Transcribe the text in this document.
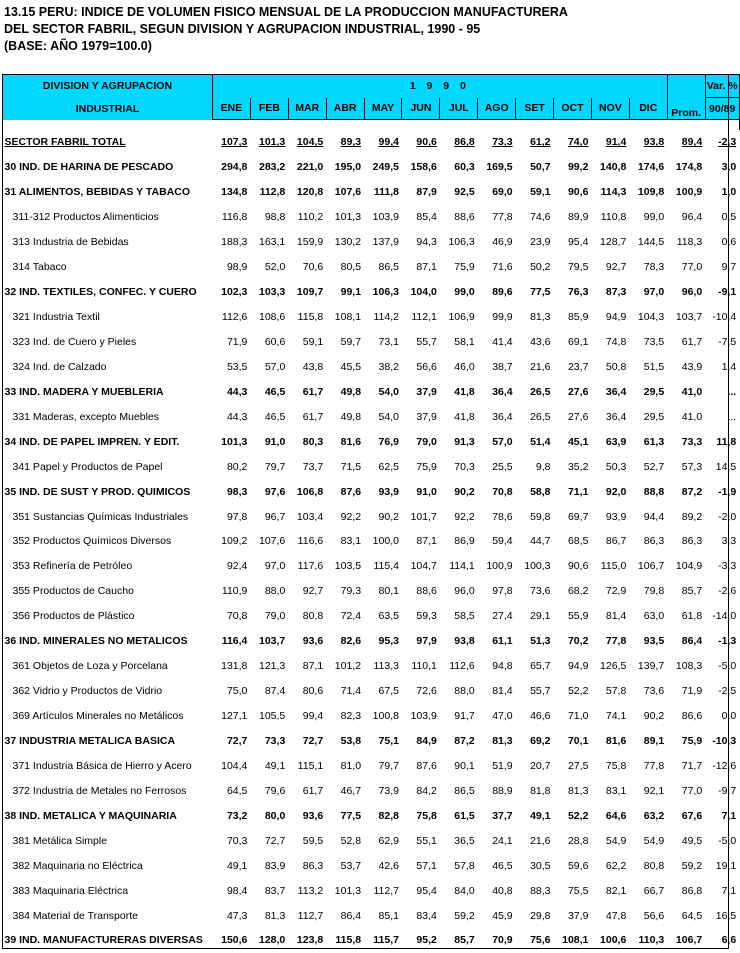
13.15 PERU: INDICE DE VOLUMEN FISICO MENSUAL DE LA PRODUCCION MANUFACTURERA
DEL SECTOR FABRIL, SEGUN DIVISION Y AGRUPACION INDUSTRIAL, 1990 - 95
(BASE: AÑO 1979=100.0)
DIVISION Y AGRUPACION	1 9 9 0												Prom.	Var. %
INDUSTRIAL	ENE	FEB	MAR	ABR	MAY	JUN	JUL	AGO	SET	OCT	NOV	DIC		90/89

SECTOR FABRIL TOTAL	107,3	101,3	104,5	89,3	99,4	90,6	86,8	73,3	61,2	74,0	91,4	93,8	89,4	-2,3
30 IND. DE HARINA DE PESCADO	294,8	283,2	221,0	195,0	249,5	158,6	60,3	169,5	50,7	99,2	140,8	174,6	174,8	3,0
31 ALIMENTOS, BEBIDAS Y TABACO	134,8	112,8	120,8	107,6	111,8	87,9	92,5	69,0	59,1	90,6	114,3	109,8	100,9	1,0
311-312 Productos Alimenticios	116,8	98,8	110,2	101,3	103,9	85,4	88,6	77,8	74,6	89,9	110,8	99,0	96,4	0,5
313 Industria de Bebidas	188,3	163,1	159,9	130,2	137,9	94,3	106,3	46,9	23,9	95,4	128,7	144,5	118,3	0,6
314 Tabaco	98,9	52,0	70,6	80,5	86,5	87,1	75,9	71,6	50,2	79,5	92,7	78,3	77,0	9,7
32 IND. TEXTILES, CONFEC. Y CUERO	102,3	103,3	109,7	99,1	106,3	104,0	99,0	89,6	77,5	76,3	87,3	97,0	96,0	-9,1
321 Industria Textil	112,6	108,6	115,8	108,1	114,2	112,1	106,9	99,9	81,3	85,9	94,9	104,3	103,7	-10,4
323 Ind. de Cuero y Pieles	71,9	60,6	59,1	59,7	73,1	55,7	58,1	41,4	43,6	69,1	74,8	73,5	61,7	-7,5
324 Ind. de Calzado	53,5	57,0	43,8	45,5	38,2	56,6	46,0	38,7	21,6	23,7	50,8	51,5	43,9	1,4
33 IND. MADERA Y MUEBLERIA	44,3	46,5	61,7	49,8	54,0	37,9	41,8	36,4	26,5	27,6	36,4	29,5	41,0	...
331 Maderas, excepto Muebles	44,3	46,5	61,7	49,8	54,0	37,9	41,8	36,4	26,5	27,6	36,4	29,5	41,0	...
34 IND. DE PAPEL IMPREN. Y EDIT.	101,3	91,0	80,3	81,6	76,9	79,0	91,3	57,0	51,4	45,1	63,9	61,3	73,3	11,8
341 Papel y Productos de Papel	80,2	79,7	73,7	71,5	62,5	75,9	70,3	25,5	9,8	35,2	50,3	52,7	57,3	14,5
35 IND. DE SUST Y PROD. QUIMICOS	98,3	97,6	106,8	87,6	93,9	91,0	90,2	70,8	58,8	71,1	92,0	88,8	87,2	-1,9
351 Sustancias Químicas Industriales	97,8	96,7	103,4	92,2	90,2	101,7	92,2	78,6	59,8	69,7	93,9	94,4	89,2	-2,0
352 Productos Químicos Diversos	109,2	107,6	116,6	83,1	100,0	87,1	86,9	59,4	44,7	68,5	86,7	86,3	86,3	3,3
353 Refinería de Petróleo	92,4	97,0	117,6	103,5	115,4	104,7	114,1	100,9	100,3	90,6	115,0	106,7	104,9	-3,3
355 Productos de Caucho	110,9	88,0	92,7	79,3	80,1	88,6	96,0	97,8	73,6	68,2	72,9	79,8	85,7	-2,6
356 Productos de Plástico	70,8	79,0	80,8	72,4	63,5	59,3	58,5	27,4	29,1	55,9	81,4	63,0	61,8	-14,0
36 IND. MINERALES NO METALICOS	116,4	103,7	93,6	82,6	95,3	97,9	93,8	61,1	51,3	70,2	77,8	93,5	86,4	-1,3
361 Objetos de Loza y Porcelana	131,8	121,3	87,1	101,2	113,3	110,1	112,6	94,8	65,7	94,9	126,5	139,7	108,3	-5,0
362 Vidrio y Productos de Vidrio	75,0	87,4	80,6	71,4	67,5	72,6	88,0	81,4	55,7	52,2	57,8	73,6	71,9	-2,5
369 Artículos Minerales no Metálicos	127,1	105,5	99,4	82,3	100,8	103,9	91,7	47,0	46,6	71,0	74,1	90,2	86,6	0,0
37 INDUSTRIA METALICA BASICA	72,7	73,3	72,7	53,8	75,1	84,9	87,2	81,3	69,2	70,1	81,6	89,1	75,9	-10,3
371 Industria Básica de Hierro y Acero	104,4	49,1	115,1	81,0	79,7	87,6	90,1	51,9	20,7	27,5	75,8	77,8	71,7	-12,6
372 Industria de Metales no Ferrosos	64,5	79,6	61,7	46,7	73,9	84,2	86,5	88,9	81,8	81,3	83,1	92,1	77,0	-9,7
38 IND. METALICA Y MAQUINARIA	73,2	80,0	93,6	77,5	82,8	75,8	61,5	37,7	49,1	52,2	64,6	63,2	67,6	7,1
381 Metálica Simple	70,3	72,7	59,5	52,8	62,9	55,1	36,5	24,1	21,6	28,8	54,9	54,9	49,5	-5,0
382 Maquinaria no Eléctrica	49,1	83,9	86,3	53,7	42,6	57,1	57,8	46,5	30,5	59,6	62,2	80,8	59,2	19,1
383 Maquinaria Eléctrica	98,4	83,7	113,2	101,3	112,7	95,4	84,0	40,8	88,3	75,5	82,1	66,7	86,8	7,1
384 Material de Transporte	47,3	81,3	112,7	86,4	85,1	83,4	59,2	45,9	29,8	37,9	47,8	56,6	64,5	16,5
39 IND. MANUFACTURERAS DIVERSAS	150,6	128,0	123,8	115,8	115,7	95,2	85,7	70,9	75,6	108,1	100,6	110,3	106,7	6,6
